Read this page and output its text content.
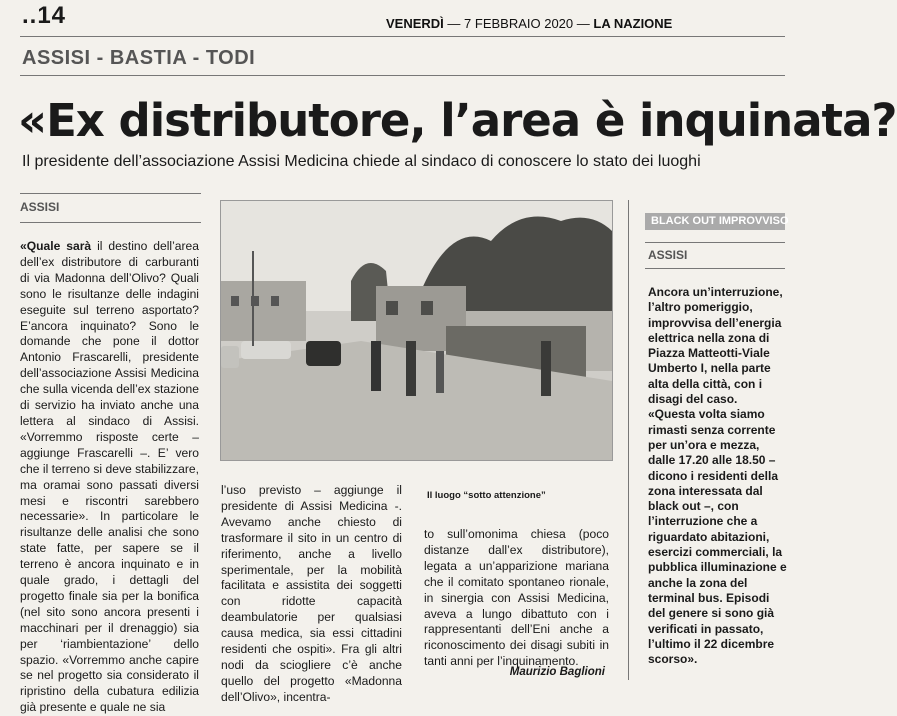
..14	VENERDÌ — 7 FEBBRAIO 2020 — LA NAZIONE
ASSISI - BASTIA - TODI
«Ex distributore, l’area è inquinata?
Il presidente dell’associazione Assisi Medicina chiede al sindaco di conoscere lo stato dei luoghi
ASSISI

«Quale sarà il destino dell’area dell’ex distributore di carburanti di via Madonna dell’Olivo? Quali sono le risultanze delle indagini eseguite sul terreno asportato? E’ancora inquinato? Sono le domande che pone il dottor Antonio Frascarelli, presidente dell’associazione Assisi Medicina che sulla vicenda dell’ex stazione di servizio ha inviato anche una lettera al sindaco di Assisi. «Vorremmo risposte certe – aggiunge Frascarelli –. E’ vero che il terreno si deve stabilizzare, ma oramai sono passati diversi mesi e riscontri sarebbero necessarie». In particolare le risultanze delle analisi che sono state fatte, per sapere se il terreno è ancora inquinato e in quale grado, i dettagli del progetto finale sia per la bonifica (nel sito sono ancora presenti i macchinari per il drenaggio) sia per ‘riambientazione’ dello spazio. «Vorremmo anche capire se nel progetto sia considerato il ripristino della cubatura edilizia già presente e quale ne sia

Il luogo “sotto attenzione”

l’uso previsto – aggiunge il presidente di Assisi Medicina -. Avevamo anche chiesto di trasformare il sito in un centro di riferimento, anche a livello sperimentale, per la mobilità facilitata e assistita dei soggetti con ridotte capacità deambulatorie per qualsiasi causa medica, sia essi cittadini residenti che ospiti». Fra gli altri nodi da sciogliere c’è anche quello del progetto «Madonna dell’Olivo», incentra-

to sull’omonima chiesa (poco distanze dall’ex distributore), legata a un’apparizione mariana che il comitato spontaneo rionale, in sinergia con Assisi Medicina, aveva a lungo dibattuto con i rappresentanti dell’Eni anche a riconoscimento dei disagi subiti in tanti anni per l’inquinamento.

Maurizio Baglioni
BLACK OUT IMPROVVISO
ASSISI
Ancora un’interruzione, l’altro pomeriggio, improvvisa dell’energia elettrica nella zona di Piazza Matteotti-Viale Umberto I, nella parte alta della città, con i disagi del caso. «Questa volta siamo rimasti senza corrente per un’ora e mezza, dalle 17.20 alle 18.50 – dicono i residenti della zona interessata dal black out –, con l’interruzione che a riguardato abitazioni, esercizi commerciali, la pubblica illuminazione e anche la zona del terminal bus. Episodi del genere si sono già verificati in passato, l’ultimo il 22 dicembre scorso».
